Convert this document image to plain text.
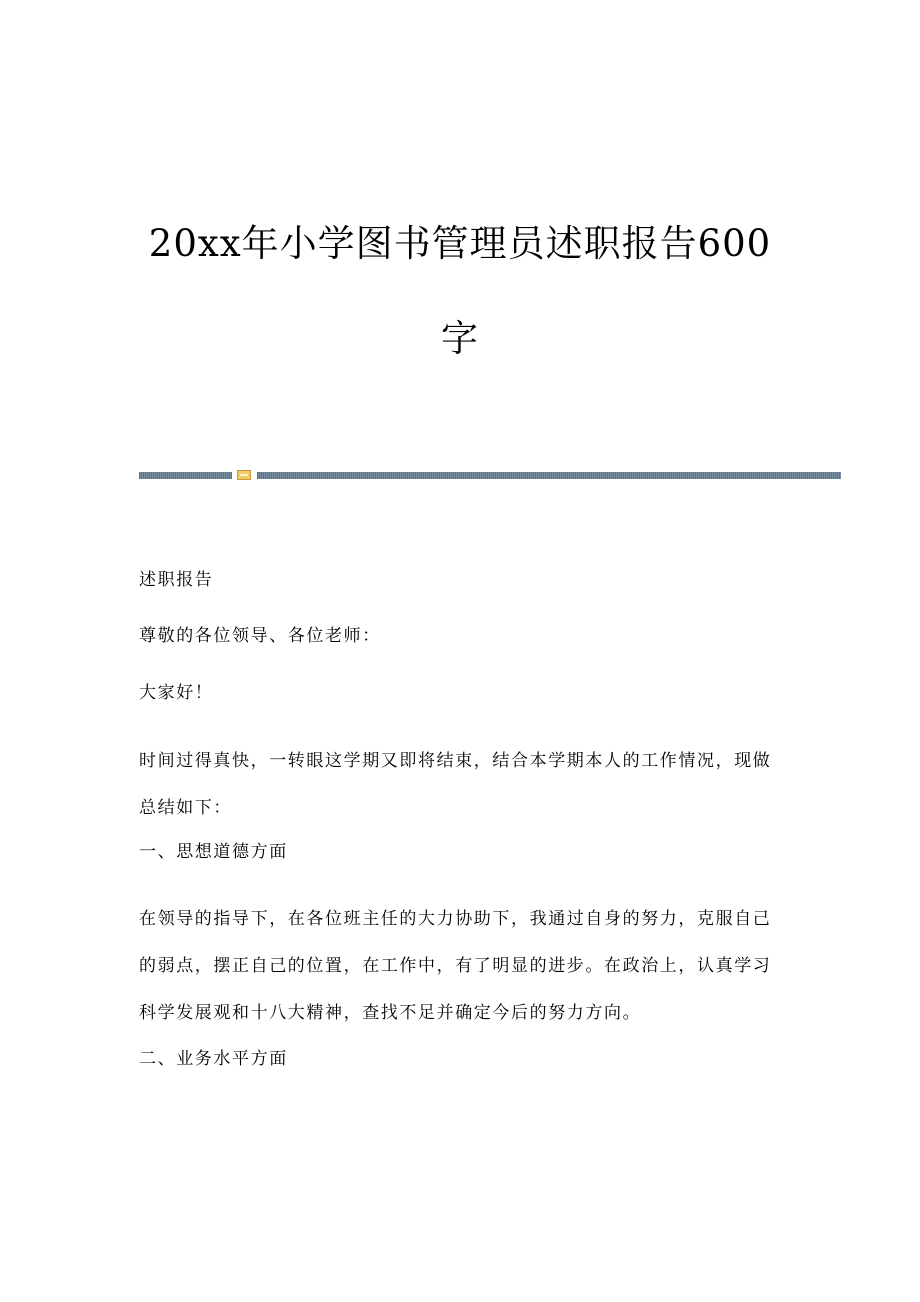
20xx年小学图书管理员述职报告600
字

述职报告

尊敬的各位领导、各位老师：

大家好！

时间过得真快，一转眼这学期又即将结束，结合本学期本人的工作情况，现做总结如下：

一、思想道德方面

在领导的指导下，在各位班主任的大力协助下，我通过自身的努力，克服自己的弱点，摆正自己的位置，在工作中，有了明显的进步。在政治上，认真学习科学发展观和十八大精神，查找不足并确定今后的努力方向。

二、业务水平方面
